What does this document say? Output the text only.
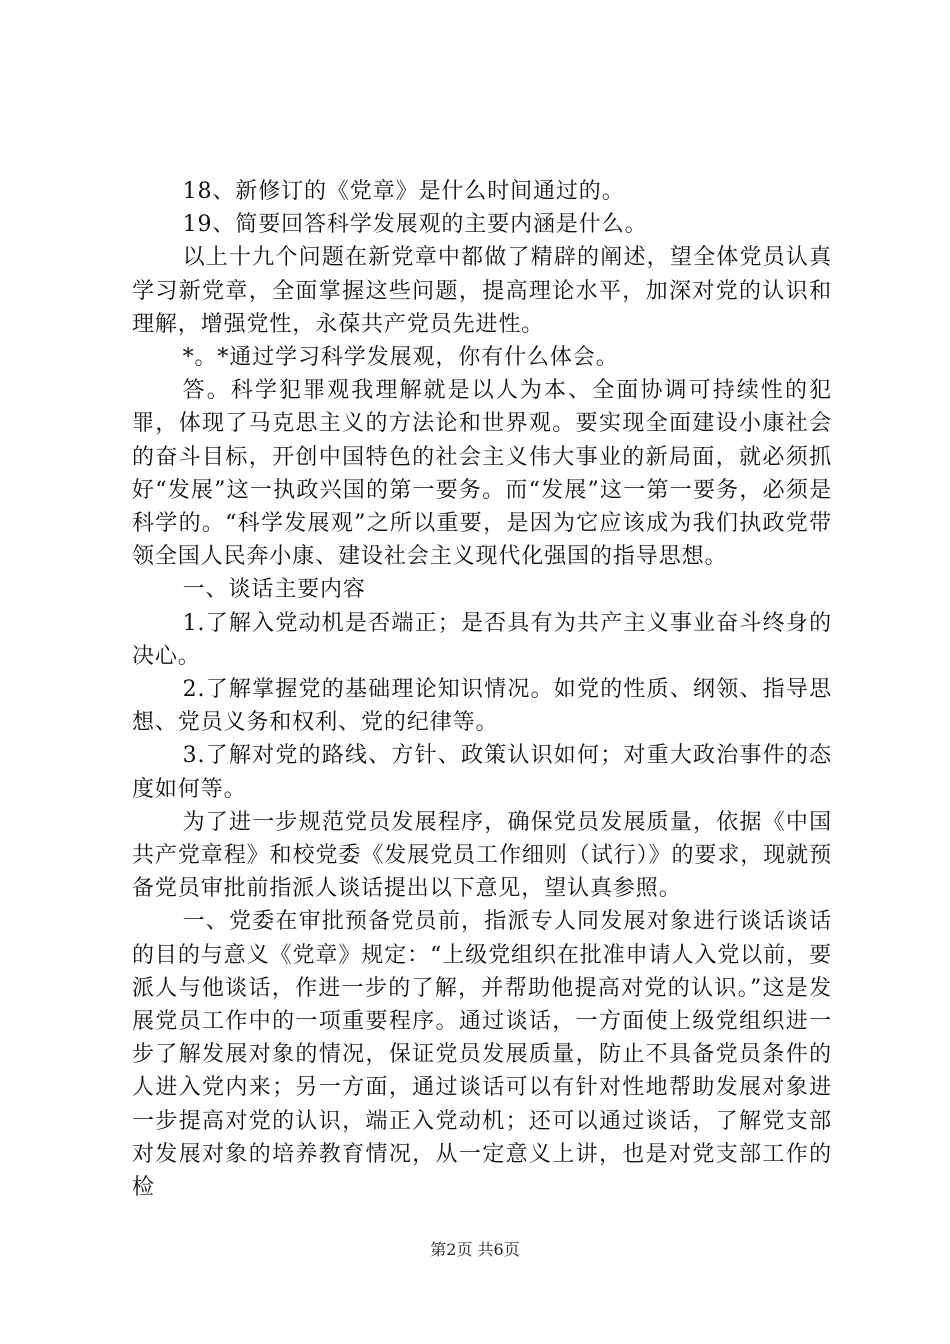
18、新修订的《党章》是什么时间通过的。

19、简要回答科学发展观的主要内涵是什么。

以上十九个问题在新党章中都做了精辟的阐述，望全体党员认真学习新党章，全面掌握这些问题，提高理论水平，加深对党的认识和理解，增强党性，永葆共产党员先进性。

*。*通过学习科学发展观，你有什么体会。

答。科学犯罪观我理解就是以人为本、全面协调可持续性的犯罪，体现了马克思主义的方法论和世界观。要实现全面建设小康社会的奋斗目标，开创中国特色的社会主义伟大事业的新局面，就必须抓好“发展”这一执政兴国的第一要务。而“发展”这一第一要务，必须是科学的。“科学发展观”之所以重要，是因为它应该成为我们执政党带领全国人民奔小康、建设社会主义现代化强国的指导思想。

一、谈话主要内容

1.了解入党动机是否端正；是否具有为共产主义事业奋斗终身的决心。

2.了解掌握党的基础理论知识情况。如党的性质、纲领、指导思想、党员义务和权利、党的纪律等。

3.了解对党的路线、方针、政策认识如何；对重大政治事件的态度如何等。

为了进一步规范党员发展程序，确保党员发展质量，依据《中国共产党章程》和校党委《发展党员工作细则（试行）》的要求，现就预备党员审批前指派人谈话提出以下意见，望认真参照。

一、党委在审批预备党员前，指派专人同发展对象进行谈话谈话的目的与意义《党章》规定：“上级党组织在批准申请人入党以前，要派人与他谈话，作进一步的了解，并帮助他提高对党的认识。”这是发展党员工作中的一项重要程序。通过谈话，一方面使上级党组织进一步了解发展对象的情况，保证党员发展质量，防止不具备党员条件的人进入党内来；另一方面，通过谈话可以有针对性地帮助发展对象进一步提高对党的认识，端正入党动机；还可以通过谈话，了解党支部对发展对象的培养教育情况，从一定意义上讲，也是对党支部工作的检

第2页 共6页
